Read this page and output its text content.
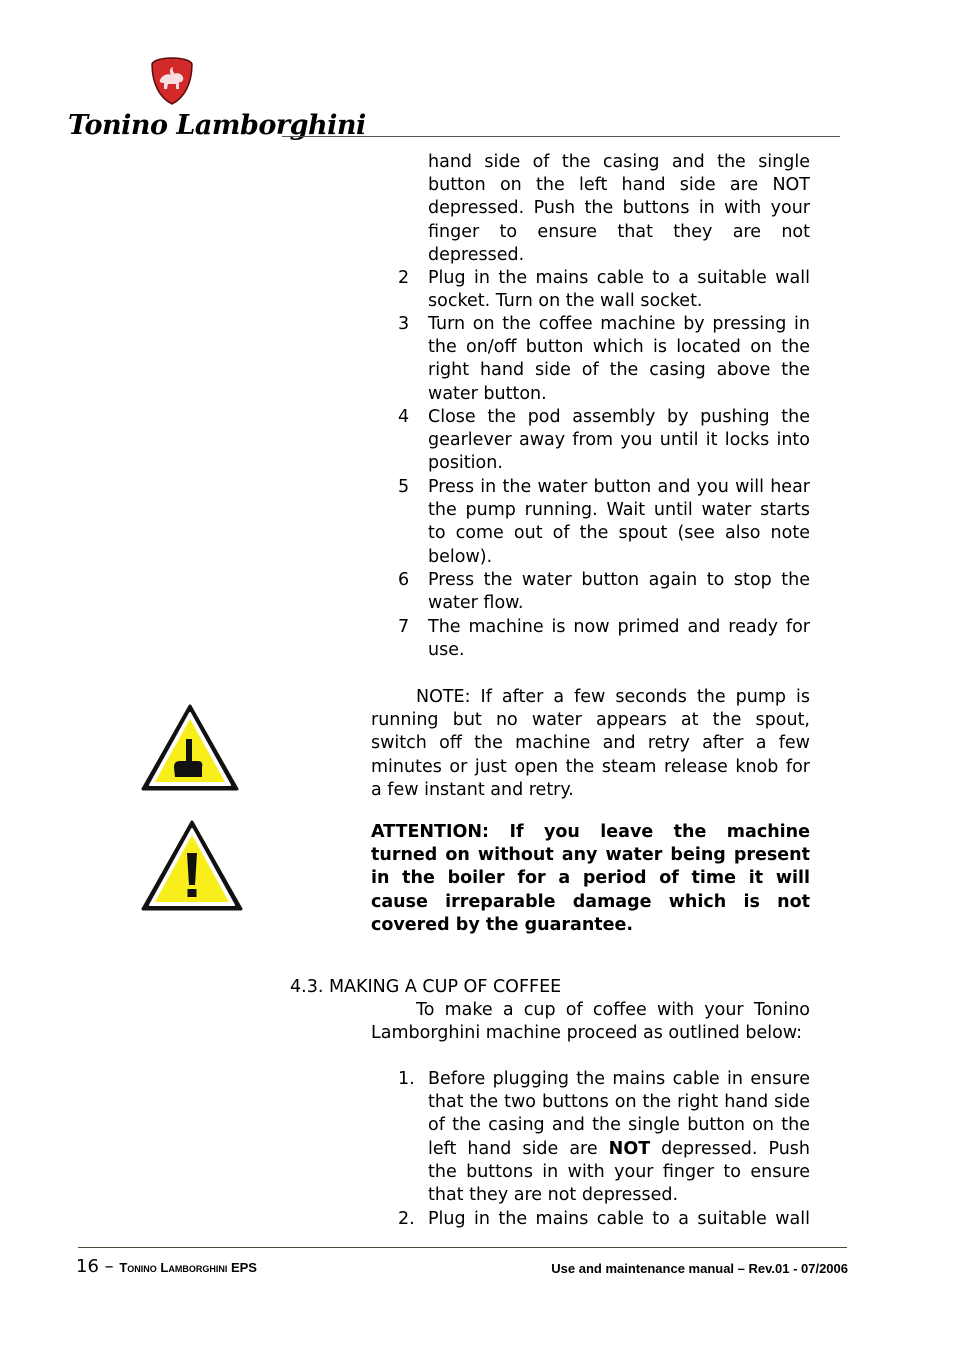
Tonino Lamborghini
hand side of the casing and the single button on the left hand side are NOT depressed. Push the buttons in with your finger to ensure that they are not depressed.
2 Plug in the mains cable to a suitable wall socket. Turn on the wall socket.
3 Turn on the coffee machine by pressing in the on/off button which is located on the right hand side of the casing above the water button.
4 Close the pod assembly by pushing the gearlever away from you until it locks into position.
5 Press in the water button and you will hear the pump running. Wait until water starts to come out of the spout (see also note below).
6 Press the water button again to stop the water flow.
7 The machine is now primed and ready for use.
NOTE: If after a few seconds the pump is running but no water appears at the spout, switch off the machine and retry after a few minutes or just open the steam release knob for a few instant and retry.
ATTENTION: If you leave the machine turned on without any water being present in the boiler for a period of time it will cause irreparable damage which is not covered by the guarantee.
4.3. MAKING A CUP OF COFFEE
To make a cup of coffee with your Tonino Lamborghini machine proceed as outlined below:
1. Before plugging the mains cable in ensure that the two buttons on the right hand side of the casing and the single button on the left hand side are NOT depressed. Push the buttons in with your finger to ensure that they are not depressed.
2. Plug in the mains cable to a suitable wall
16 – Tonino Lamborghini EPS	Use and maintenance manual – Rev.01 - 07/2006
